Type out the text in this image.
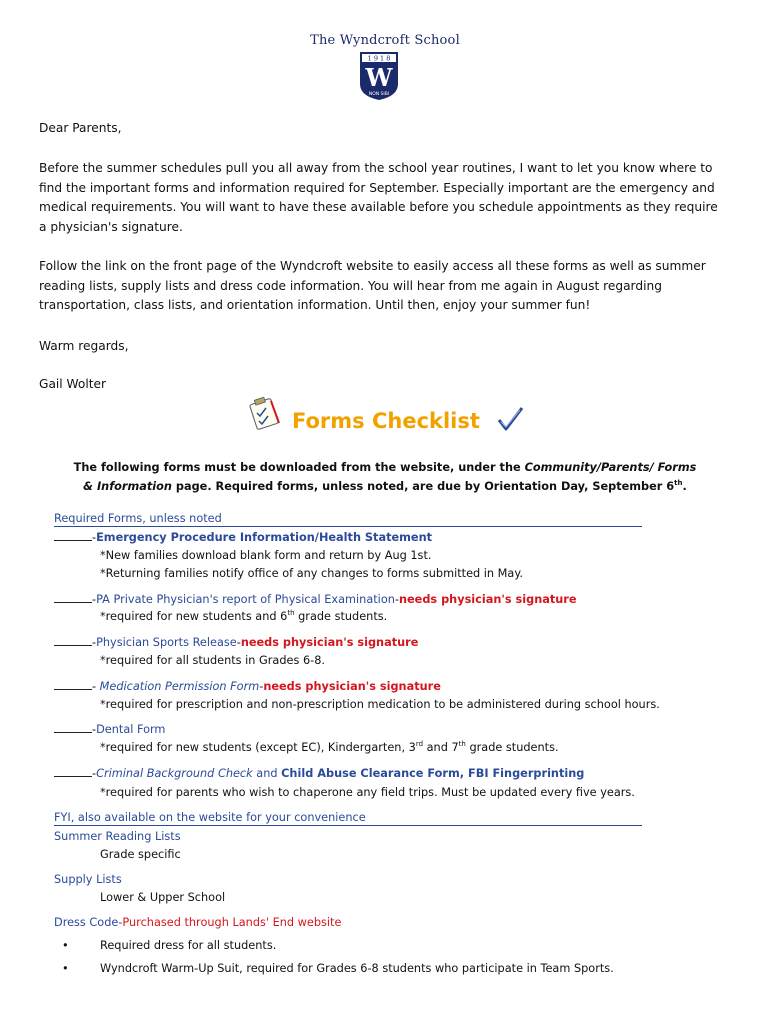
The Wyndcroft School
1 9 1 8
W
NON SIBI

Dear Parents,

Before the summer schedules pull you all away from the school year routines, I want to let you know where to find the important forms and information required for September. Especially important are the emergency and medical requirements. You will want to have these available before you schedule appointments as they require a physician's signature.

Follow the link on the front page of the Wyndcroft website to easily access all these forms as well as summer reading lists, supply lists and dress code information. You will hear from me again in August regarding transportation, class lists, and orientation information. Until then, enjoy your summer fun!

Warm regards,

Gail Wolter

Forms Checklist
The following forms must be downloaded from the website, under the Community/Parents/ Forms & Information page. Required forms, unless noted, are due by Orientation Day, September 6th.
Required Forms, unless noted
-Emergency Procedure Information/Health Statement
*New families download blank form and return by Aug 1st.
*Returning families notify office of any changes to forms submitted in May.
-PA Private Physician's report of Physical Examination-needs physician's signature
*required for new students and 6th grade students.
-Physician Sports Release-needs physician's signature
*required for all students in Grades 6-8.
- Medication Permission Form-needs physician's signature
*required for prescription and non-prescription medication to be administered during school hours.
-Dental Form
*required for new students (except EC), Kindergarten, 3rd and 7th grade students.
-Criminal Background Check and Child Abuse Clearance Form, FBI Fingerprinting
*required for parents who wish to chaperone any field trips. Must be updated every five years.
FYI, also available on the website for your convenience
Summer Reading Lists
Grade specific
Supply Lists
Lower & Upper School
Dress Code-Purchased through Lands' End website
•	Required dress for all students.
•	Wyndcroft Warm-Up Suit, required for Grades 6-8 students who participate in Team Sports.
